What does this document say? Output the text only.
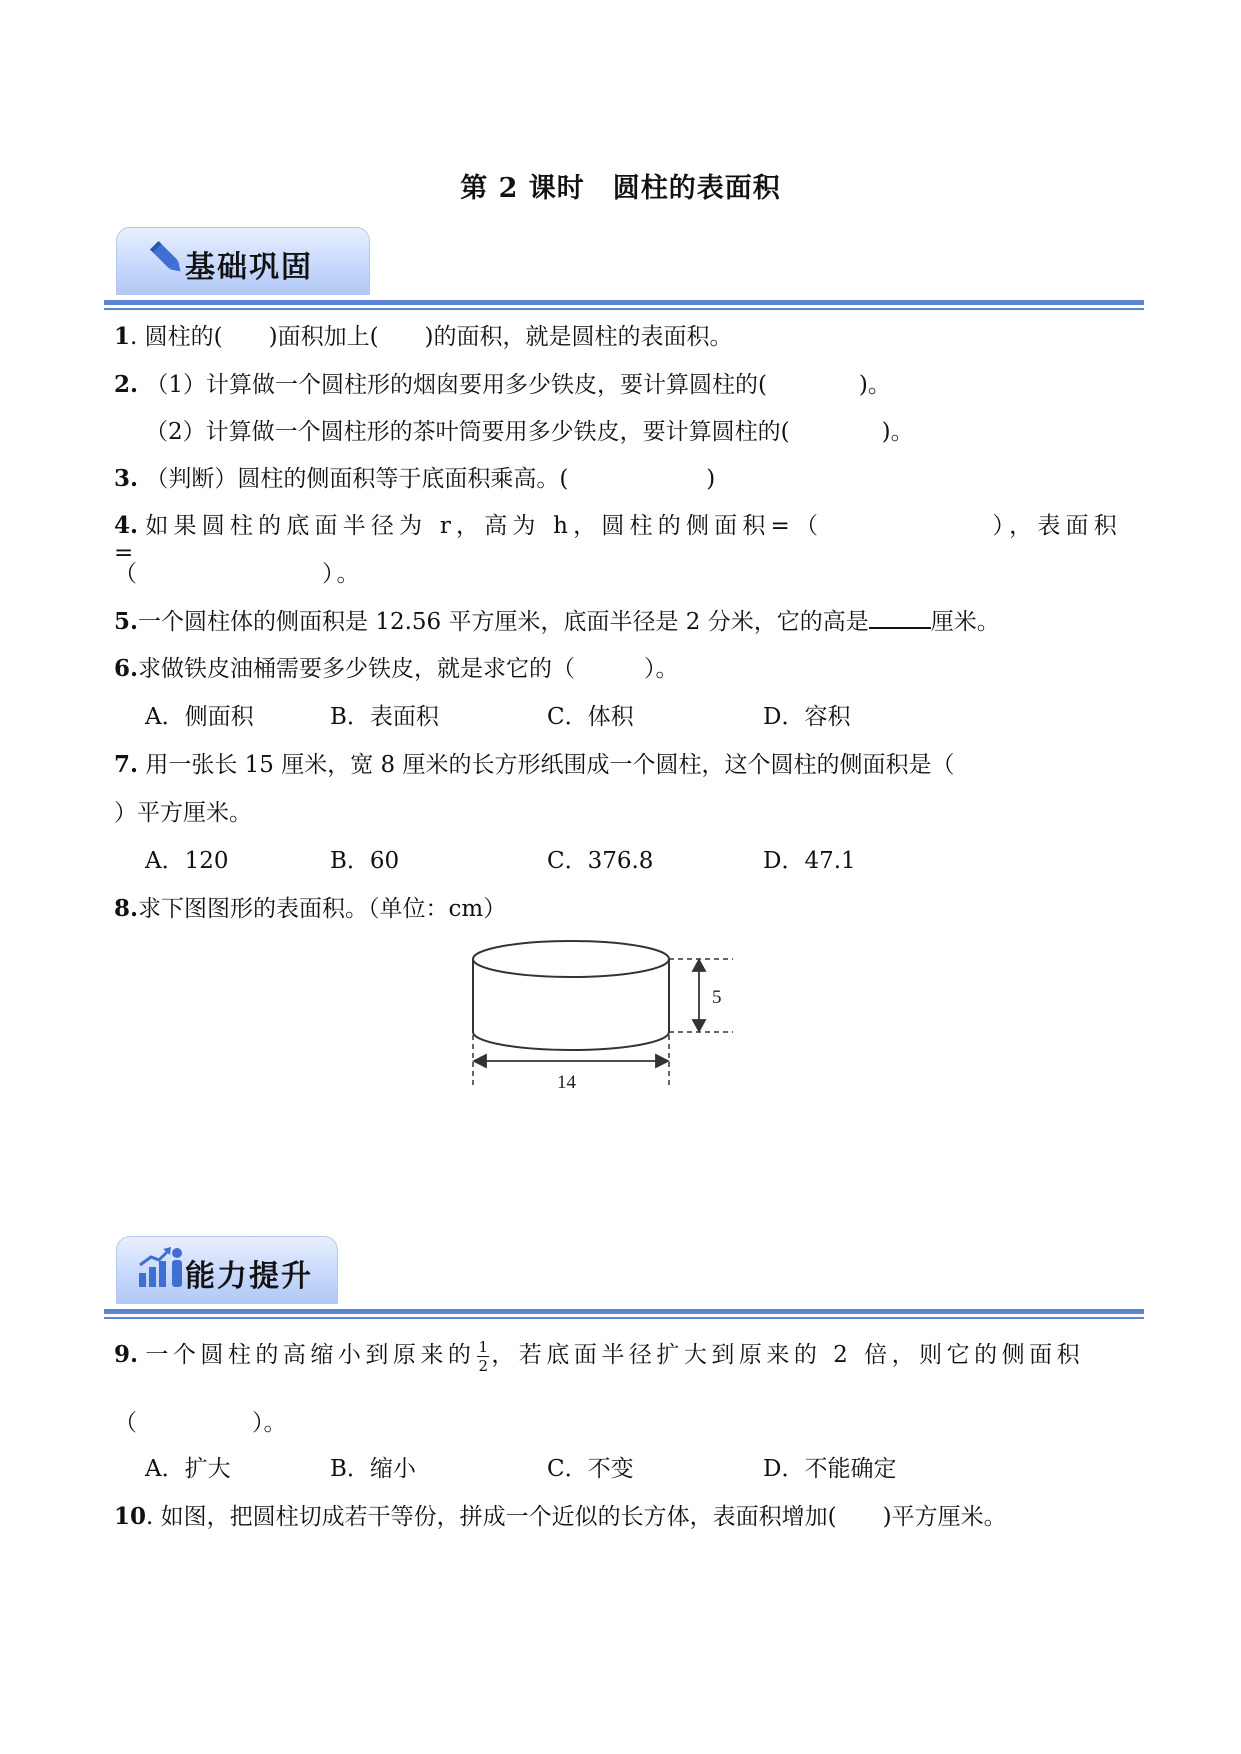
第 2 课时　圆柱的表面积
基础巩固
1. 圆柱的(　　)面积加上(　　)的面积，就是圆柱的表面积。
2. （1）计算做一个圆柱形的烟囱要用多少铁皮，要计算圆柱的(　　　　)。
（2）计算做一个圆柱形的茶叶筒要用多少铁皮，要计算圆柱的(　　　　)。
3. （判断）圆柱的侧面积等于底面积乘高。(　　　　　　)
4. 如果圆柱的底面半径为 r，高为 h，圆柱的侧面积=（　　　　　　），表面积=
（　　　　　　　）。
5.一个圆柱体的侧面积是 12.56 平方厘米，底面半径是 2 分米，它的高是	厘米。
6.求做铁皮油桶需要多少铁皮，就是求它的（　　　）。
A．侧面积	B．表面积	C．体积	D．容积
7. 用一张长 15 厘米，宽 8 厘米的长方形纸围成一个圆柱，这个圆柱的侧面积是（
）平方厘米。
A．120	B．60	C．376.8	D．47.1
8.求下图图形的表面积。（单位：cm）
5
14
能力提升
9. 一个圆柱的高缩小到原来的 $\frac{1}{2}$ ，若底面半径扩大到原来的 2 倍，则它的侧面积
（　　　　　）。
A．扩大	B．缩小	C．不变	D．不能确定
10. 如图，把圆柱切成若干等份，拼成一个近似的长方体，表面积增加(　　)平方厘米。
